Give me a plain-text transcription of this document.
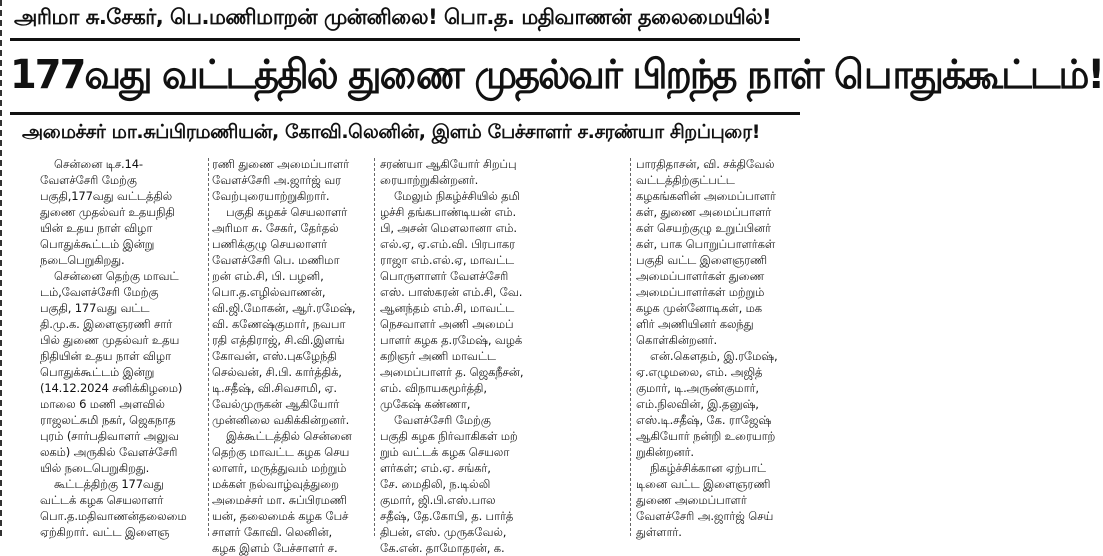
அரிமா சு.சேகர், பெ.மணிமாறன் முன்னிலை! பொ.த. மதிவாணன் தலைமையில்!
177வது வட்டத்தில் துணை முதல்வர் பிறந்த நாள் பொதுக்கூட்டம்!
அமைச்சர் மா.சுப்பிரமணியன், கோவி.லெனின், இளம் பேச்சாளர் ச.சரண்யா சிறப்புரை!
சென்னை டிச.14-
வேளச்சேரி மேற்கு
பகுதி,177வது வட்டத்தில்
துணை முதல்வர் உதயநிதி
யின் உதய நாள் விழா
பொதுக்கூட்டம் இன்று
நடைபெறுகிறது.
சென்னை தெற்கு மாவட்
டம்,வேளச்சேரி மேற்கு
பகுதி, 177வது வட்ட
தி.மு.க. இளைஞரணி சார்
பில் துணை முதல்வர் உதய
நிதியின் உதய நாள் விழா
பொதுக்கூட்டம் இன்று
(14.12.2024 சனிக்கிழமை)
மாலை 6 மணி அளவில்
ராஜலட்சுமி நகர், ஜெகநாத
புரம் (சார்பதிவாளர் அலுவ
லகம்) அருகில் வேளச்சேரி
யில் நடைபெறுகிறது.
கூட்டத்திற்கு 177வது
வட்டக் கழக செயலாளர்
பொ.த.மதிவாணன்தலைமை
ஏற்கிறார். வட்ட இளைஞ
ரணி துணை அமைப்பாளர்
வேளச்சேரி அ.ஜார்ஜ் வர
வேற்புரையாற்றுகிறார்.
பகுதி கழகச் செயலாளர்
அரிமா சு. சேகர், தேர்தல்
பணிக்குழு செயலாளர்
வேளச்சேரி பெ. மணிமா
றன் எம்.சி, பி. பழனி,
பொ.த.எழில்வாணன்,
வி.ஜி.மோகன், ஆர்.ரமேஷ்,
வி. கணேஷ்குமார், நவபா
ரதி எத்திராஜ், சி.வி.இளங்
கோவன், எஸ்.புகழேந்தி
செல்வன், சி.பி. கார்த்திக்,
டி.சதீஷ், வி.சிவசாமி, ஏ.
வேல்முருகன் ஆகியோர்
முன்னிலை வகிக்கின்றனர்.
இக்கூட்டத்தில் சென்னை
தெற்கு மாவட்ட கழக செய
லாளர், மருத்துவம் மற்றும்
மக்கள் நல்வாழ்வுத்துறை
அமைச்சர் மா. சுப்பிரமணி
யன், தலைமைக் கழக பேச்
சாளர் கோவி. லெனின்,
கழக இளம் பேச்சாளர் ச.
சரண்யா ஆகியோர் சிறப்பு
ரையாற்றுகின்றனர்.
மேலும் நிகழ்ச்சியில் தமி
ழச்சி தங்கபாண்டியன் எம்.
பி, அசன் மௌலானா எம்.
எல்.ஏ, ஏ.எம்.வி. பிரபாகர
ராஜா எம்.எல்.ஏ, மாவட்ட
பொருளாளர் வேளச்சேரி
எஸ். பாஸ்கரன் எம்.சி, வே.
ஆனந்தம் எம்.சி, மாவட்ட
நெசவாளர் அணி அமைப்
பாளர் கழக த.ரமேஷ், வழக்
கறிஞர் அணி மாவட்ட
அமைப்பாளர் த. ஜெகநீசன்,
எம். விநாயகமூர்த்தி,
முகேஷ் கண்ணா,
வேளச்சேரி மேற்கு
பகுதி கழக நிர்வாகிகள் மற்
றும் வட்டக் கழக செயலா
ளர்கள்; எம்.ஏ. சங்கர்,
சே. மைதிலி, ந.டில்லி
குமார், ஜி.பி.எஸ்.பால
சதீஷ், தே.கோபி, த. பார்த்
திபன், எஸ். முருகவேல்,
கே.என். தாமோதரன், க.
பாரதிதாசன், வி. சக்திவேல்
வட்டத்திற்குட்பட்ட
கழகங்களின் அமைப்பாளர்
கள், துணை அமைப்பாளர்
கள் செயற்குழு உறுப்பினர்
கள், பாக பொறுப்பாளர்கள்
பகுதி வட்ட இளைஞரணி
அமைப்பாளர்கள் துணை
அமைப்பாளர்கள் மற்றும்
கழக முன்னோடிகள், மக
ளிர் அணியினர் கலந்து
கொள்கின்றனர்.
என்.கௌதம், இ.ரமேஷ்,
ஏ.எழுமலை, எம். அஜித்
குமார், டி.அருண்குமார்,
எம்.நிலவின், இ.தனுஷ்,
எஸ்.டி.சதீஷ், கே. ராஜேஷ்
ஆகியோர் நன்றி உரையாற்
றுகின்றனர்.
நிகழ்ச்சிக்கான ஏற்பாட்
டினை வட்ட இளைஞரணி
துணை அமைப்பாளர்
வேளச்சேரி அ.ஜார்ஜ் செய்
துள்ளார்.
